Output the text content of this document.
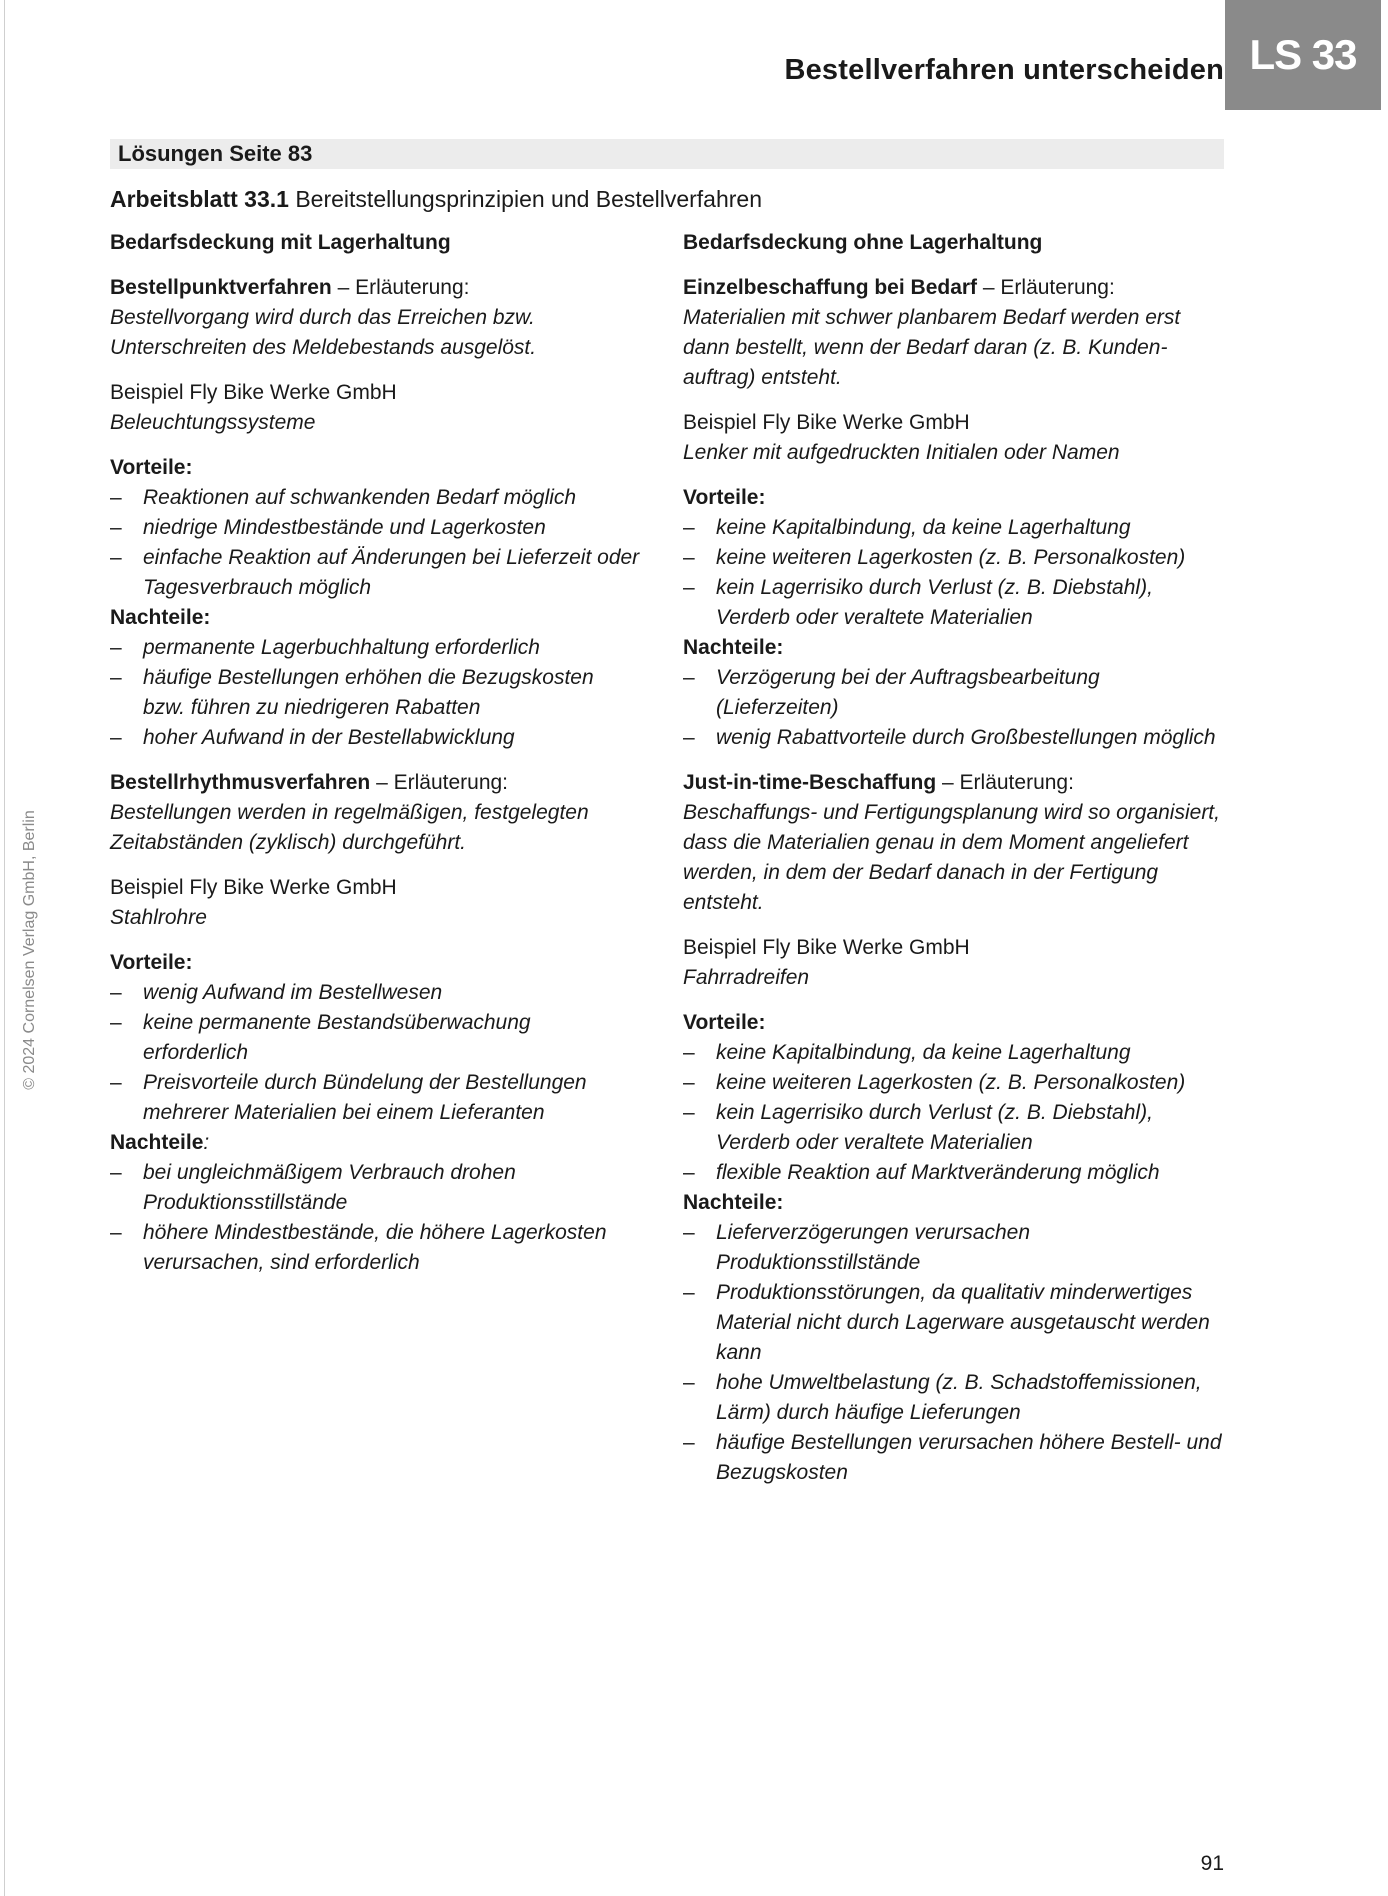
Bestellverfahren unterscheiden LS 33
Lösungen Seite 83
Arbeitsblatt 33.1 Bereitstellungsprinzipien und Bestellverfahren
© 2024 Cornelsen Verlag GmbH, Berlin
Bedarfsdeckung mit Lagerhaltung
Bestellpunktverfahren – Erläuterung:
Bestellvorgang wird durch das Erreichen bzw. Unterschreiten des Meldebestands ausgelöst.
Beispiel Fly Bike Werke GmbH
Beleuchtungssysteme
Vorteile:
– Reaktionen auf schwankenden Bedarf möglich
– niedrige Mindestbestände und Lagerkosten
– einfache Reaktion auf Änderungen bei Lieferzeit oder Tagesverbrauch möglich
Nachteile:
– permanente Lagerbuchhaltung erforderlich
– häufige Bestellungen erhöhen die Bezugskosten bzw. führen zu niedrigeren Rabatten
– hoher Aufwand in der Bestellabwicklung
Bestellrhythmusverfahren – Erläuterung:
Bestellungen werden in regelmäßigen, festgelegten Zeitabständen (zyklisch) durchgeführt.
Beispiel Fly Bike Werke GmbH
Stahlrohre
Vorteile:
– wenig Aufwand im Bestellwesen
– keine permanente Bestandsüberwachung erforderlich
– Preisvorteile durch Bündelung der Bestellungen mehrerer Materialien bei einem Lieferanten
Nachteile:
– bei ungleichmäßigem Verbrauch drohen Produktionsstillstände
– höhere Mindestbestände, die höhere Lagerkosten verursachen, sind erforderlich
Bedarfsdeckung ohne Lagerhaltung
Einzelbeschaffung bei Bedarf – Erläuterung:
Materialien mit schwer planbarem Bedarf werden erst dann bestellt, wenn der Bedarf daran (z. B. Kunden-auftrag) entsteht.
Beispiel Fly Bike Werke GmbH
Lenker mit aufgedruckten Initialen oder Namen
Vorteile:
– keine Kapitalbindung, da keine Lagerhaltung
– keine weiteren Lagerkosten (z. B. Personalkosten)
– kein Lagerrisiko durch Verlust (z. B. Diebstahl), Verderb oder veraltete Materialien
Nachteile:
– Verzögerung bei der Auftragsbearbeitung (Lieferzeiten)
– wenig Rabattvorteile durch Großbestellungen möglich
Just-in-time-Beschaffung – Erläuterung:
Beschaffungs- und Fertigungsplanung wird so organisiert, dass die Materialien genau in dem Moment angeliefert werden, in dem der Bedarf danach in der Fertigung entsteht.
Beispiel Fly Bike Werke GmbH
Fahrradreifen
Vorteile:
– keine Kapitalbindung, da keine Lagerhaltung
– keine weiteren Lagerkosten (z. B. Personalkosten)
– kein Lagerrisiko durch Verlust (z. B. Diebstahl), Verderb oder veraltete Materialien
– flexible Reaktion auf Marktveränderung möglich
Nachteile:
– Lieferverzögerungen verursachen Produktionsstillstände
– Produktionsstörungen, da qualitativ minderwertiges Material nicht durch Lagerware ausgetauscht werden kann
– hohe Umweltbelastung (z. B. Schadstoffemissionen, Lärm) durch häufige Lieferungen
– häufige Bestellungen verursachen höhere Bestell- und Bezugskosten
91
